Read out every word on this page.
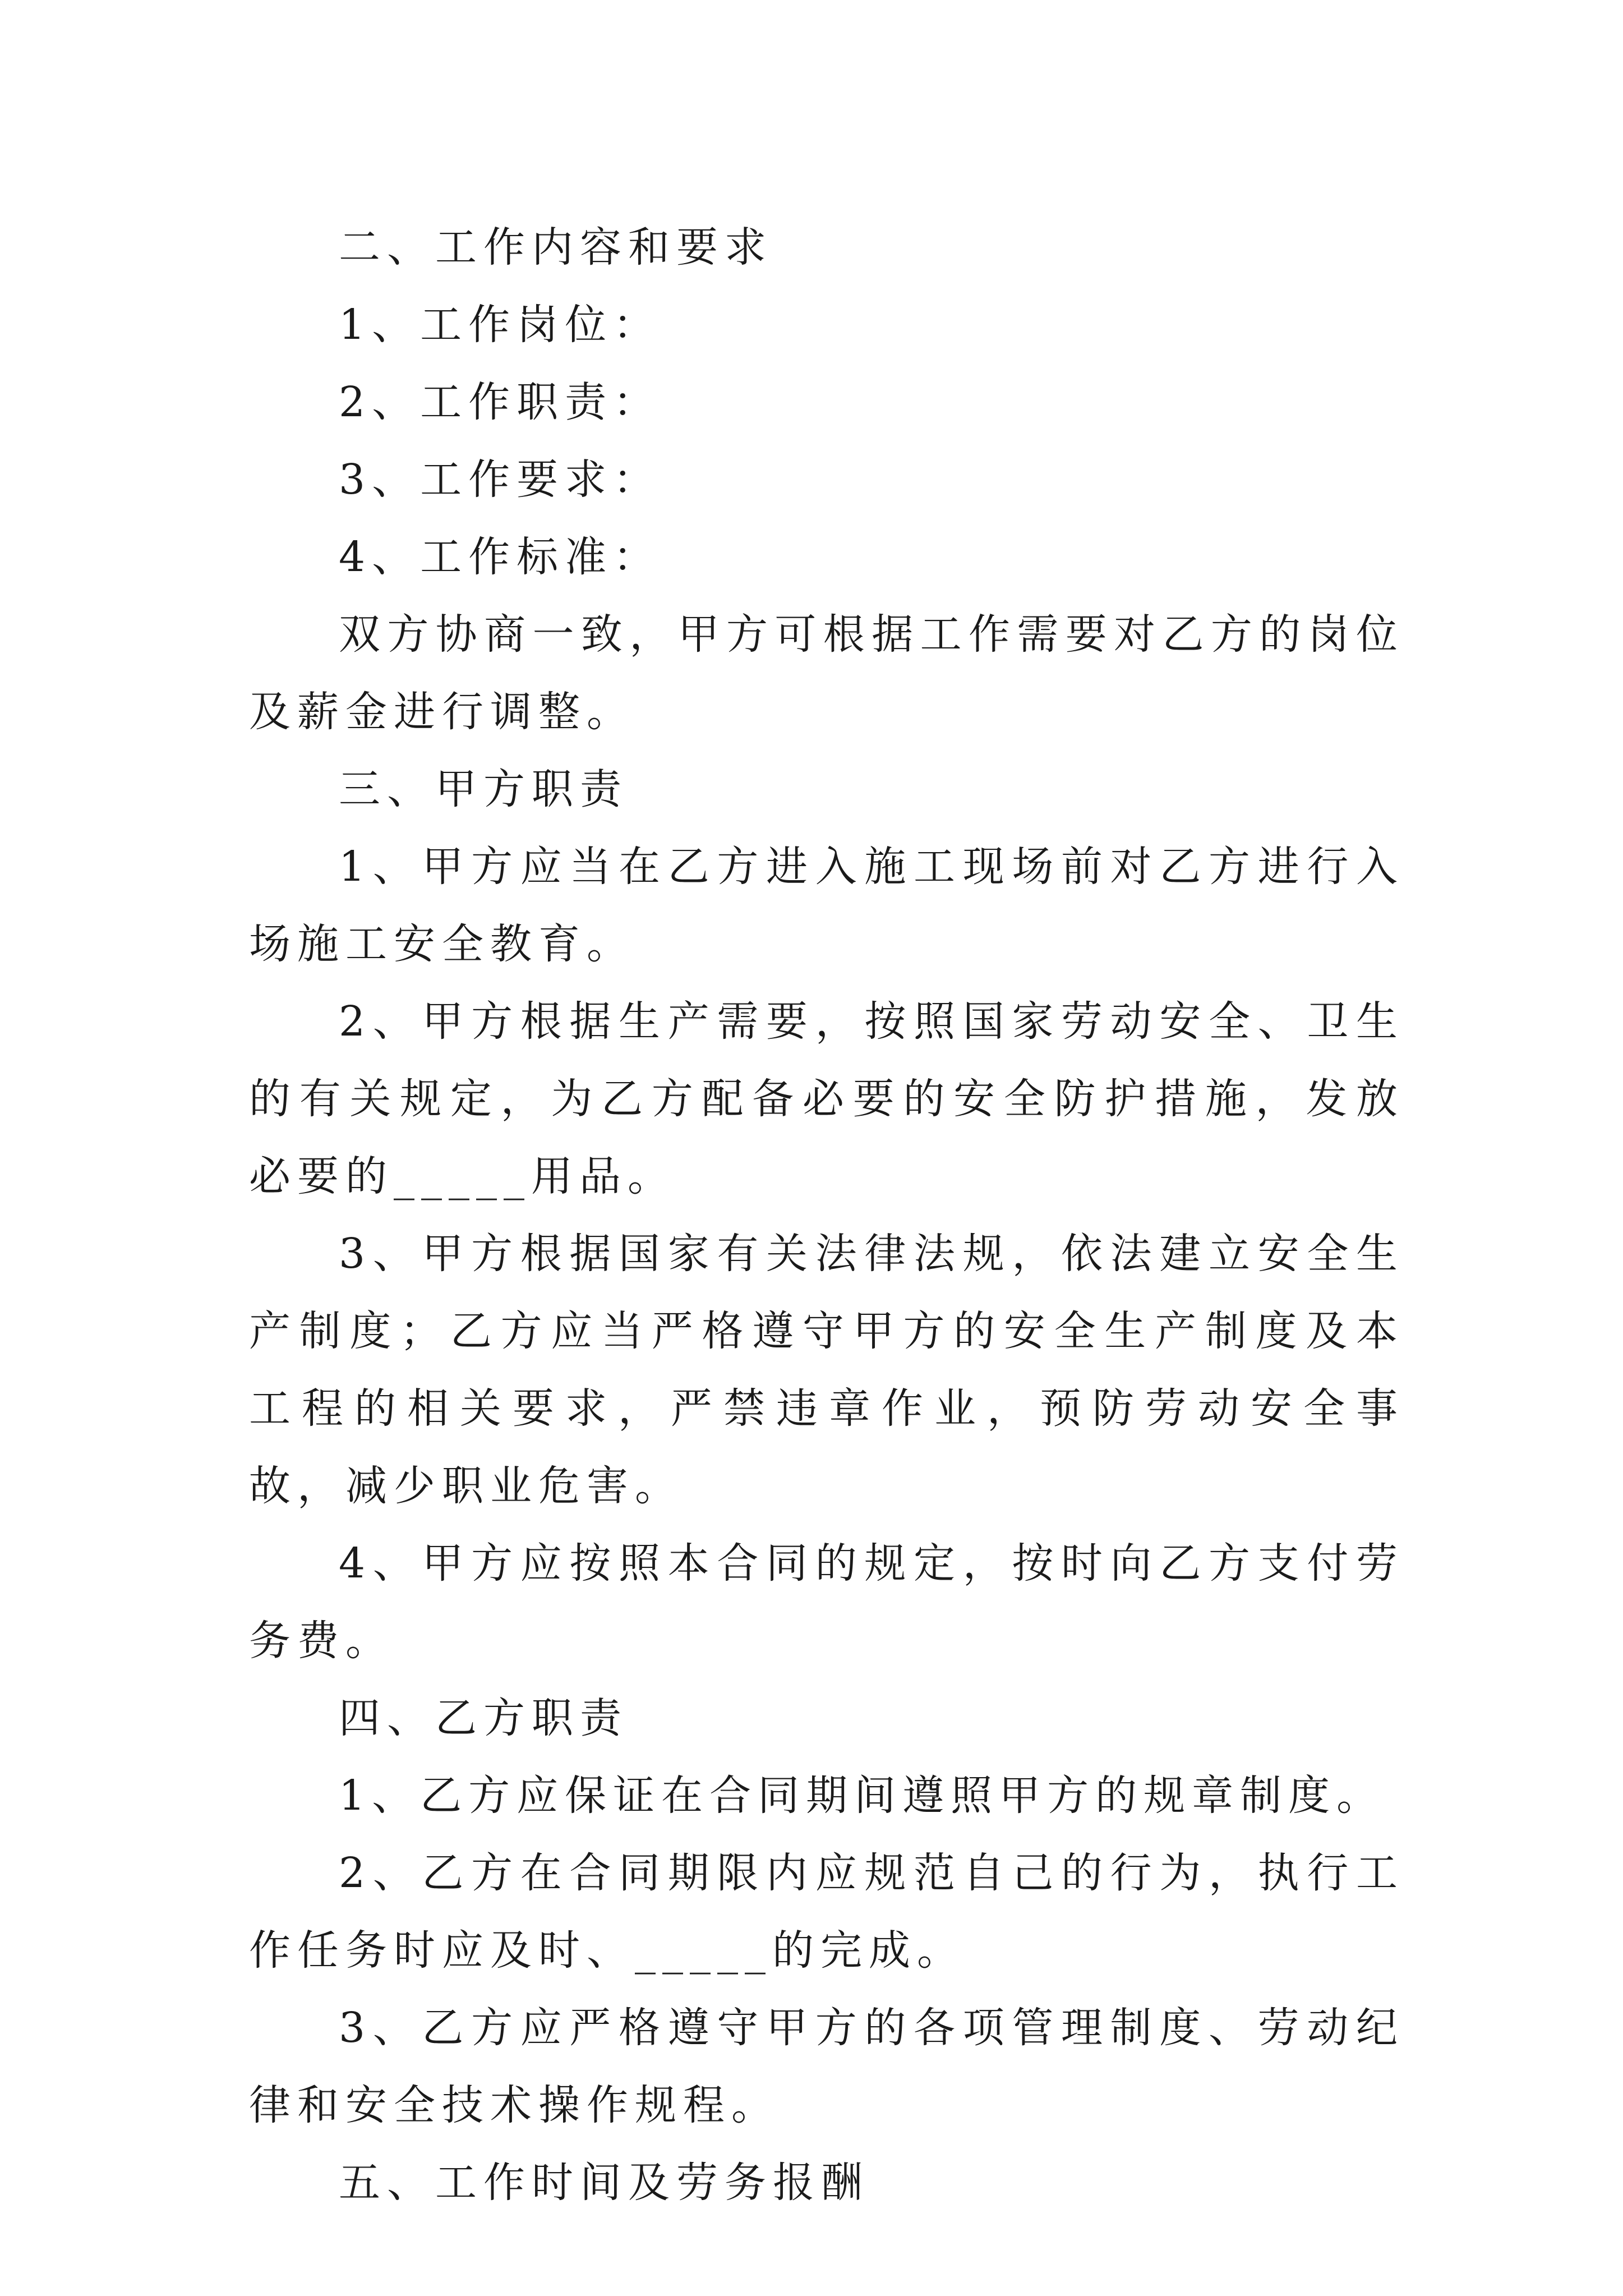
二、工作内容和要求

1、工作岗位：

2、工作职责：

3、工作要求：

4、工作标准：

双方协商一致，甲方可根据工作需要对乙方的岗位及薪金进行调整。

三、甲方职责

1、甲方应当在乙方进入施工现场前对乙方进行入场施工安全教育。

2、甲方根据生产需要，按照国家劳动安全、卫生的有关规定，为乙方配备必要的安全防护措施，发放必要的_____用品。

3、甲方根据国家有关法律法规，依法建立安全生产制度；乙方应当严格遵守甲方的安全生产制度及本工程的相关要求，严禁违章作业，预防劳动安全事故，减少职业危害。

4、甲方应按照本合同的规定，按时向乙方支付劳务费。

四、乙方职责

1、乙方应保证在合同期间遵照甲方的规章制度。

2、乙方在合同期限内应规范自己的行为，执行工作任务时应及时、_____的完成。

3、乙方应严格遵守甲方的各项管理制度、劳动纪律和安全技术操作规程。

五、工作时间及劳务报酬
